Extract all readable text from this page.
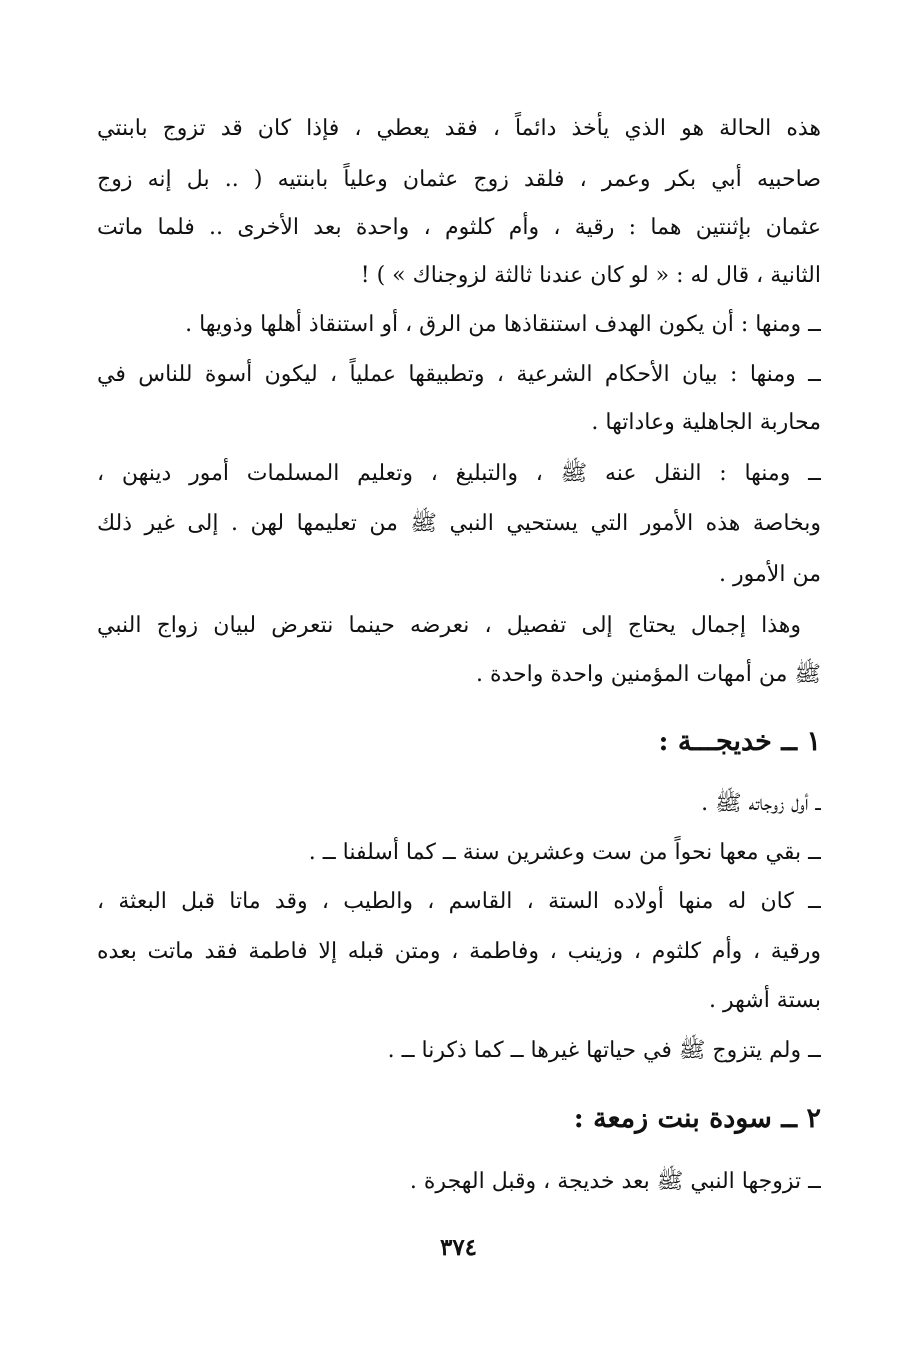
هذه الحالة هو الذي يأخذ دائماً ، فقد يعطي ، فإذا كان قد تزوج بابنتي
صاحبيه أبي بكر وعمر ، فلقد زوج عثمان وعلياً بابنتيه ( .. بل إنه زوج
عثمان بإثنتين هما : رقية ، وأم كلثوم ، واحدة بعد الأخرى .. فلما ماتت
الثانية ، قال له : « لو كان عندنا ثالثة لزوجناك » ) !
ــ ومنها : أن يكون الهدف استنقاذها من الرق ، أو استنقاذ أهلها وذويها .
ــ ومنها : بيان الأحكام الشرعية ، وتطبيقها عملياً ، ليكون أسوة للناس في
محاربة الجاهلية وعاداتها .
ــ ومنها : النقل عنه ﷺ ، والتبليغ ، وتعليم المسلمات أمور دينهن ،
وبخاصة هذه الأمور التي يستحيي النبي ﷺ من تعليمها لهن . إلى غير ذلك
من الأمور .
وهذا إجمال يحتاج إلى تفصيل ، نعرضه حينما نتعرض لبيان زواج النبي
ﷺ من أمهات المؤمنين واحدة واحدة .
١ ــ خديجـــة :
ــ أول زوجاته ﷺ .
ــ بقي معها نحواً من ست وعشرين سنة ــ كما أسلفنا ــ .
ــ كان له منها أولاده الستة ، القاسم ، والطيب ، وقد ماتا قبل البعثة ،
ورقية ، وأم كلثوم ، وزينب ، وفاطمة ، ومتن قبله إلا فاطمة فقد ماتت بعده
بستة أشهر .
ــ ولم يتزوج ﷺ في حياتها غيرها ــ كما ذكرنا ــ .
٢ ــ سودة بنت زمعة :
ــ تزوجها النبي ﷺ بعد خديجة ، وقبل الهجرة .
٣٧٤
